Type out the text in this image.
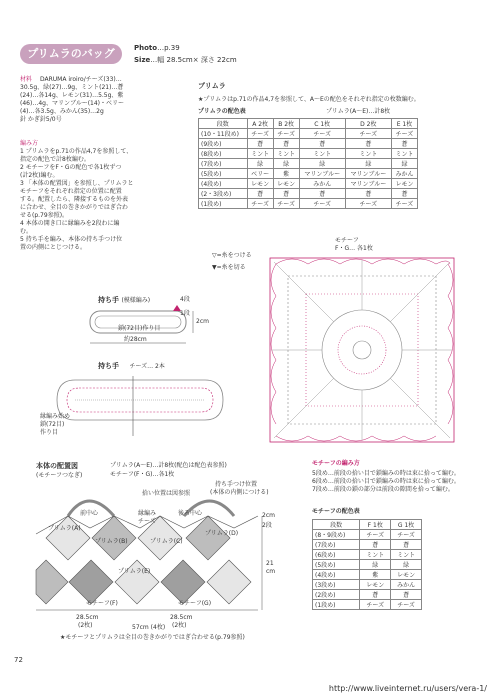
プリムラのバッグ	Photo…p.39
Size…幅 28.5cm× 深さ 22cm
材料 DARUMA iroiro/チーズ(33)…
30.5g、緑(27)…9g、ミント(21)…蒼
(24)…各14g、レモン(31)…5.5g、紫
(46)…4g、マリンブルー(14)・ベリー
(4)…各3.5g、みかん(35)…2g
針 かぎ針5/0号
編み方
1 プリムラをp.71の作品4,7を参照して、
指定の配色で計8枚編む。
2 モチーフをF・Gの配色で各1枚ずつ
(計2枚)編む。
3 「本体の配置図」を参照し、プリムラと
モチーフをそれぞれ指定の位置に配置
する。配置したら、隣接するものを外表
に合わせ、全目の巻きかがりではぎ合わ
せる(p.79参照)。
4 本体の開き口に縁編みを2段わに編
む。
5 持ち手を編み、本体の持ち手つけ位
置の内側にとじつける。
プリムラ
★プリムラはp.71の作品4,7を参照して、A〜Eの配色をそれぞれ指定の枚数編む。
プリムラの配色表	プリムラ(A〜E)…計8枚
段数	A 2枚	B 2枚	C 1枚	D 2枚	E 1枚
(10・11段め)	チーズ	チーズ	チーズ	チーズ	チーズ
(9段め)	蒼	蒼	蒼	蒼	蒼
(8段め)	ミント	ミント	ミント	ミント	ミント
(7段め)	緑	緑	緑	緑	緑
(5段め)	ベリー	紫	マリンブルー	マリンブルー	みかん
(4段め)	レモン	レモン	みかん	マリンブルー	レモン
(2・3段め)	蒼	蒼	蒼	蒼	蒼
(1段め)	チーズ	チーズ	チーズ	チーズ	チーズ
▽=糸をつける
▼=糸を切る
モチーフ
F・G… 各1枚
持ち手 (模様編み)
鎖(72目)作り目
約28cm
2cm
4段
1段
持ち手 チーズ… 2本
縁編み始め
鎖(72目)
作り目
モチーフの編み方
5段め…前段の拾い目で鎖編みの時は束に拾って編む。
6段め…前段の拾い目で鎖編みの時は束に拾って編む。
7段め…前段の鎖の部分は前段の隙間を拾って編む。
モチーフの配色表
段数	F 1枚	G 1枚
(8・9段め)	チーズ	チーズ
(7段め)	蒼	蒼
(6段め)	ミント	ミント
(5段め)	緑	緑
(4段め)	紫	レモン
(3段め)	レモン	みかん
(2段め)	蒼	蒼
(1段め)	チーズ	チーズ
本体の配置図
(モチーフつなぎ)
プリムラ(A〜E)…計8枚(配色は配色表参照)
モチーフ(F・G)…各1枚
持ち手つけ位置
(本体の内側につける)
拾い位置は図参照
プリムラ(A)
プリムラ(B)	プリムラ(C)
プリムラ(D)
プリムラ(E)
モチーフ(F)	モチーフ(G)
前中心	後ろ中心
縁編み
チーズ
2cm
2段
21
cm
28.5cm
(2枚)
28.5cm
(2枚)
57cm (4枚)
★モチーフとプリムラは全目の巻きかがりではぎ合わせる(p.79参照)
72
http://www.liveinternet.ru/users/vera-1/
